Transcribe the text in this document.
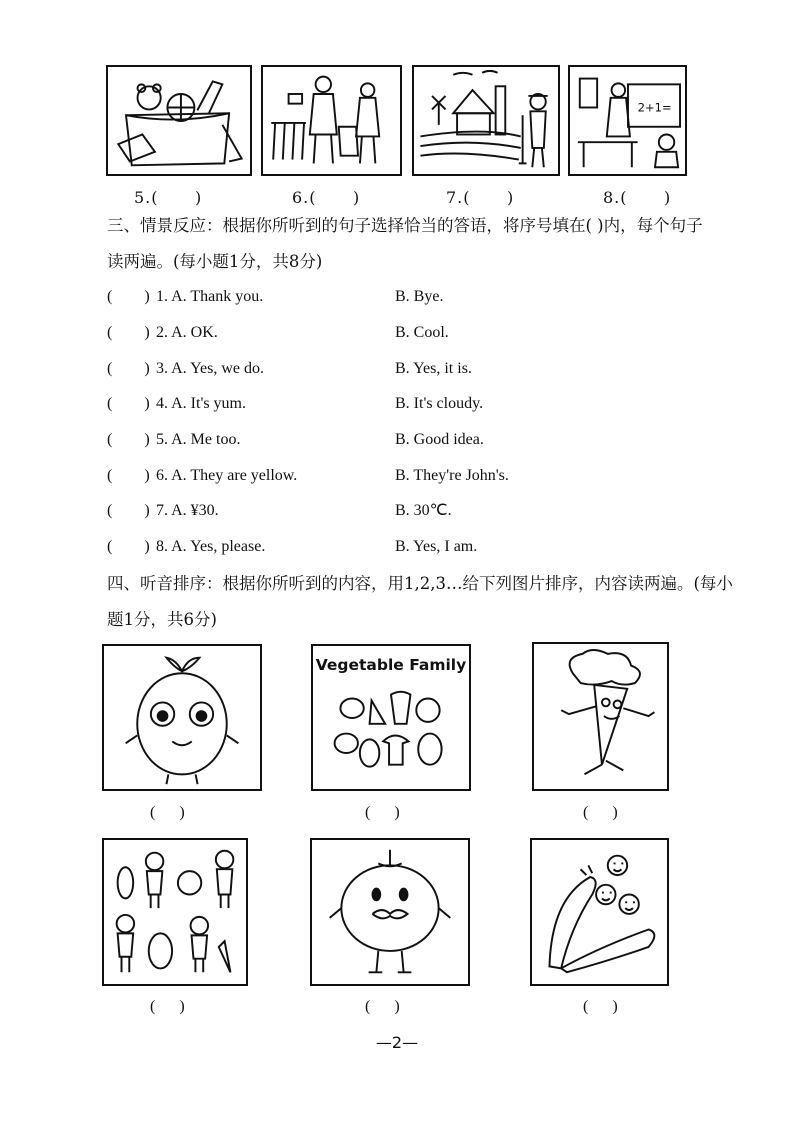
2+1=
5.(      )	6.(      )	7.(      )	8.(      )
三、情景反应：根据你所听到的句子选择恰当的答语，将序号填在( )内，每个句子
读两遍。(每小题1分，共8分)
(        ) 1. A. Thank you.	B. Bye.
(        ) 2. A. OK.	B. Cool.
(        ) 3. A. Yes, we do.	B. Yes, it is.
(        ) 4. A. It's yum.	B. It's cloudy.
(        ) 5. A. Me too.	B. Good idea.
(        ) 6. A. They are yellow.	B. They're John's.
(        ) 7. A. ¥30.	B. 30℃.
(        ) 8. A. Yes, please.	B. Yes, I am.
四、听音排序：根据你所听到的内容，用1,2,3…给下列图片排序，内容读两遍。(每小
题1分，共6分)
Vegetable Family
(      )	(      )	(      )
(      )	(      )	(      )
—2—
